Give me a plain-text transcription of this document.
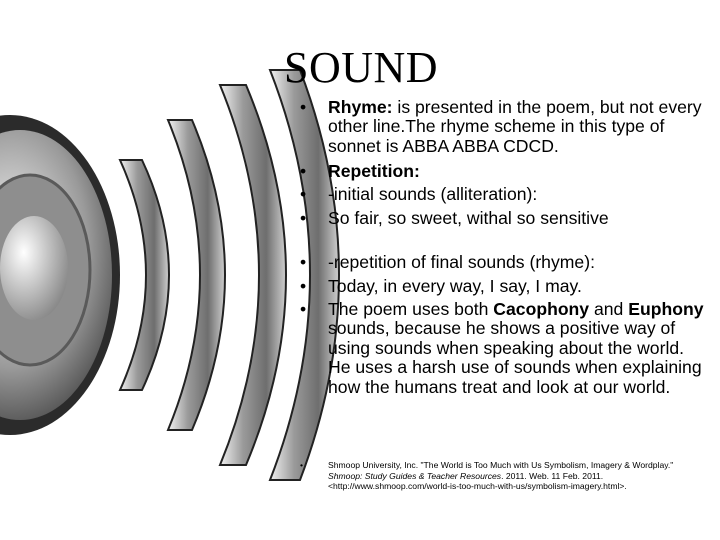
SOUND
• Rhyme: is presented in the poem, but not every other line.The rhyme scheme in this type of sonnet is ABBA ABBA CDCD.
• Repetition:
• -initial sounds (alliteration):
• So fair, so sweet, withal so sensitive
• -repetition of final sounds (rhyme):
• Today, in every way, I say, I may.
• The poem uses both Cacophony and Euphony sounds, because he shows a positive way of using sounds when speaking about the world. He uses a harsh use of sounds when explaining how the humans treat and look at our world.
•	Shmoop University, Inc. "The World is Too Much with Us Symbolism, Imagery & Wordplay." Shmoop: Study Guides & Teacher Resources. 2011. Web. 11 Feb. 2011. <http://www.shmoop.com/world-is-too-much-with-us/symbolism-imagery.html>.
